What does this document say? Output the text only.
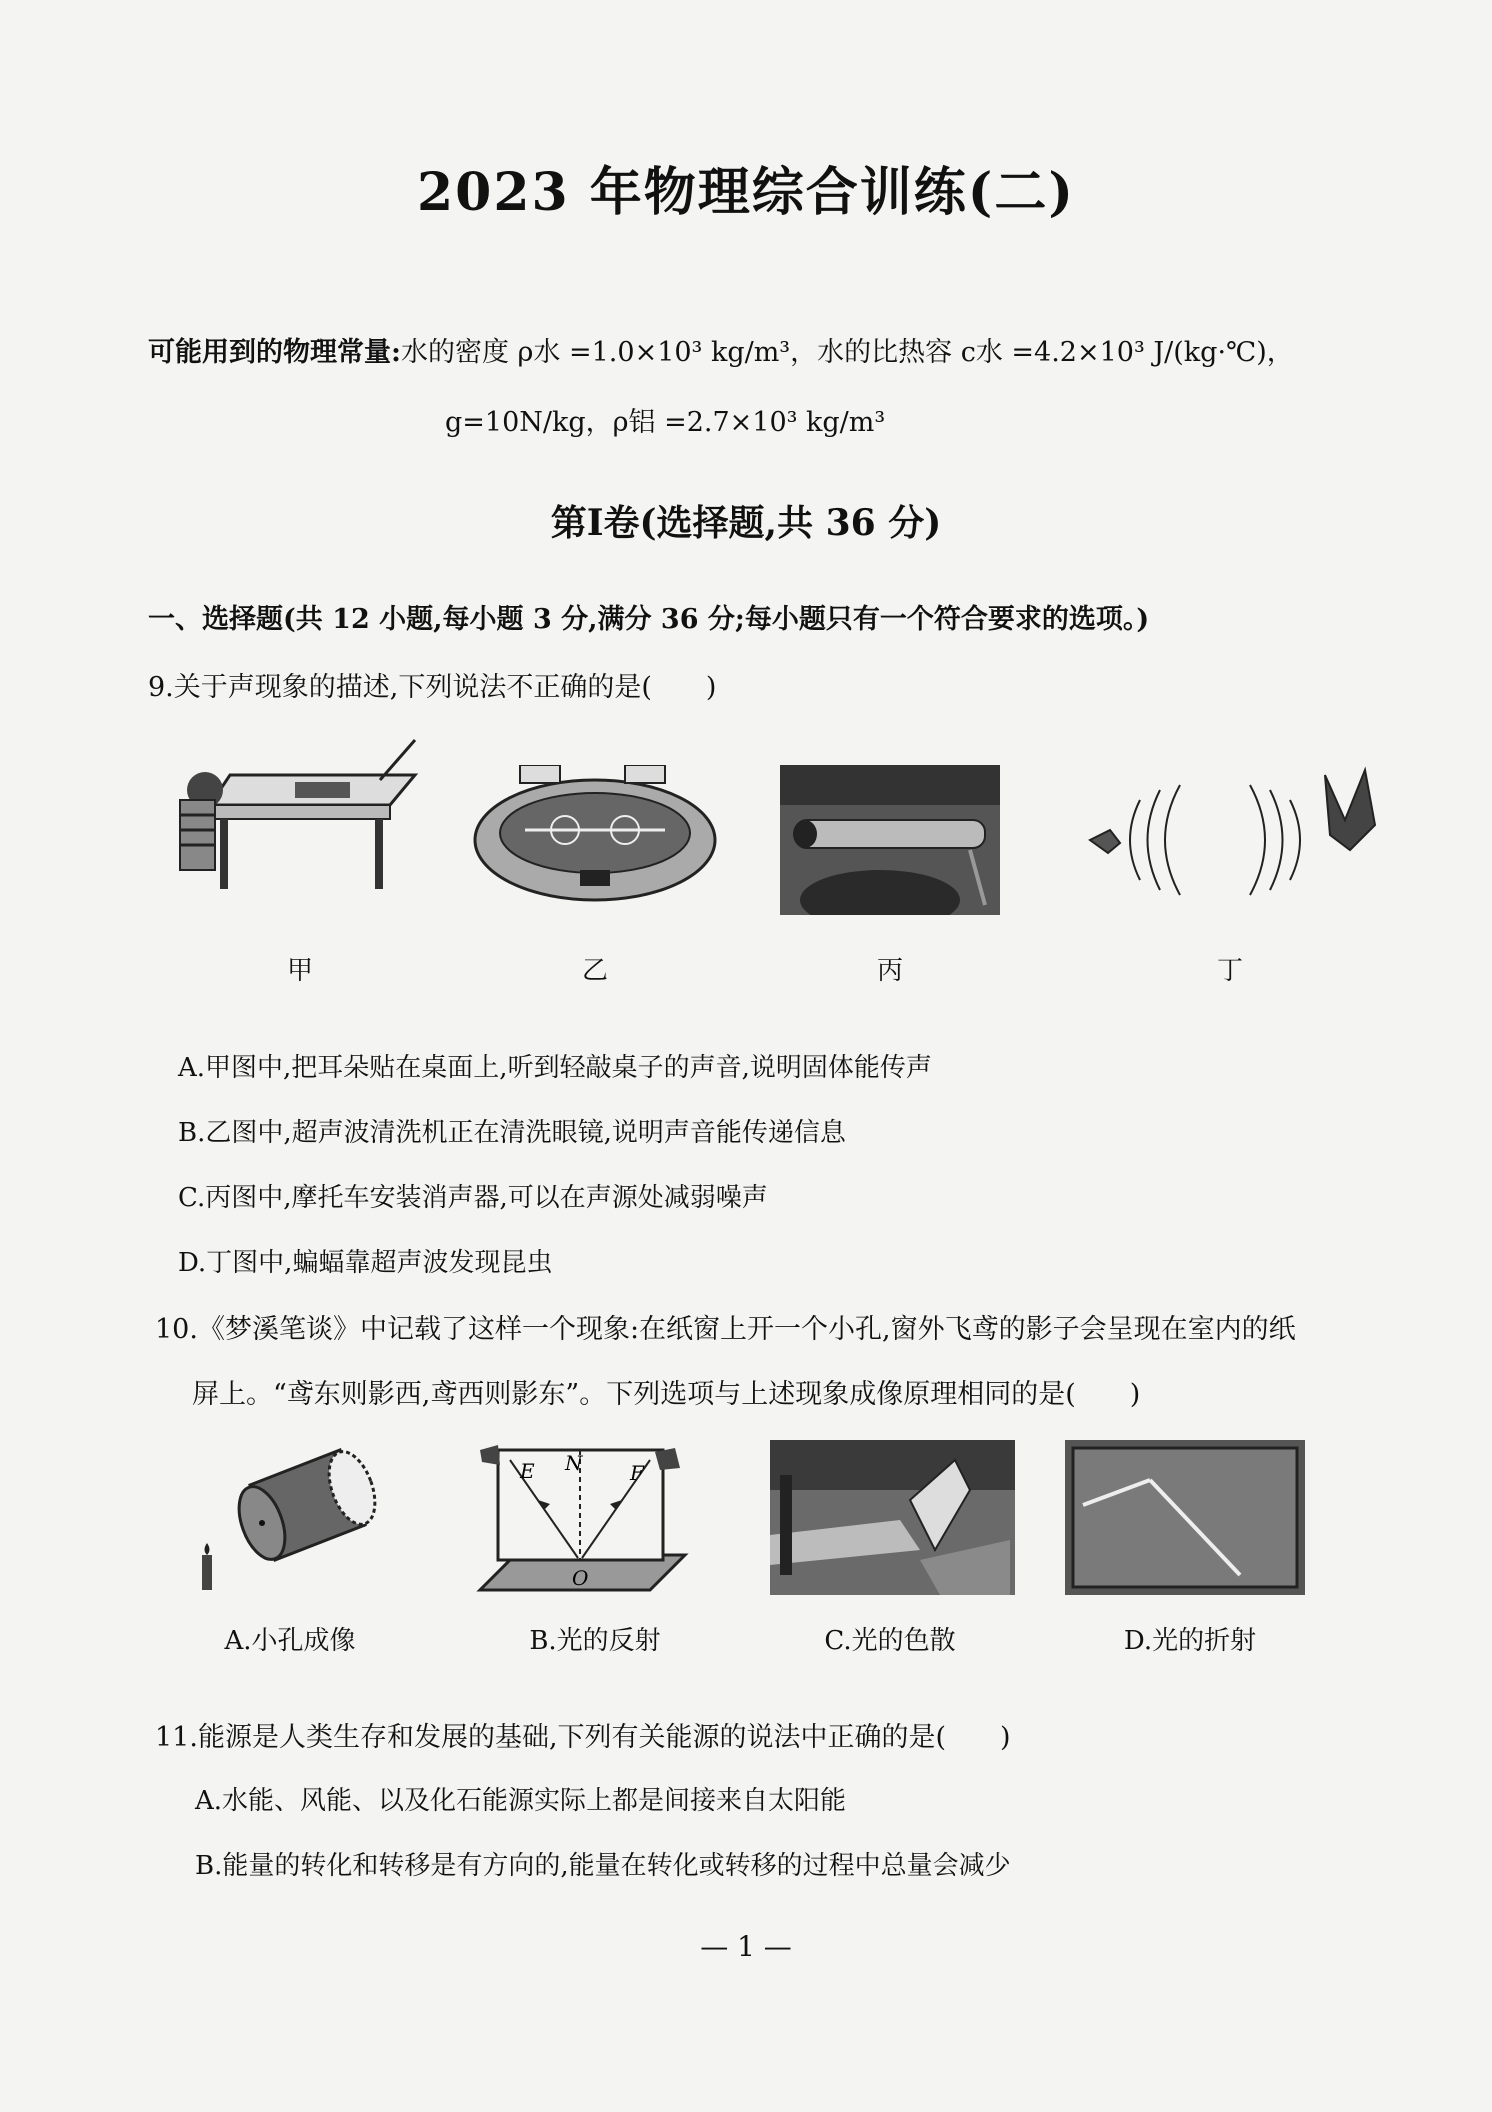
2023 年物理综合训练(二)
可能用到的物理常量:水的密度 ρ水 =1.0×10³ kg/m³，水的比热容 c水 =4.2×10³ J/(kg·℃)，
g=10N/kg，ρ铝 =2.7×10³ kg/m³
第Ⅰ卷(选择题,共 36 分)
一、选择题(共 12 小题,每小题 3 分,满分 36 分;每小题只有一个符合要求的选项。)
9.关于声现象的描述,下列说法不正确的是(　　)
甲	乙	丙	丁
A.甲图中,把耳朵贴在桌面上,听到轻敲桌子的声音,说明固体能传声
B.乙图中,超声波清洗机正在清洗眼镜,说明声音能传递信息
C.丙图中,摩托车安装消声器,可以在声源处减弱噪声
D.丁图中,蝙蝠靠超声波发现昆虫
10.《梦溪笔谈》中记载了这样一个现象:在纸窗上开一个小孔,窗外飞鸢的影子会呈现在室内的纸
屏上。“鸢东则影西,鸢西则影东”。下列选项与上述现象成像原理相同的是(　　)
A.小孔成像
E N F
O
B.光的反射	C.光的色散	D.光的折射
11.能源是人类生存和发展的基础,下列有关能源的说法中正确的是(　　)
A.水能、风能、以及化石能源实际上都是间接来自太阳能
B.能量的转化和转移是有方向的,能量在转化或转移的过程中总量会减少
— 1 —
